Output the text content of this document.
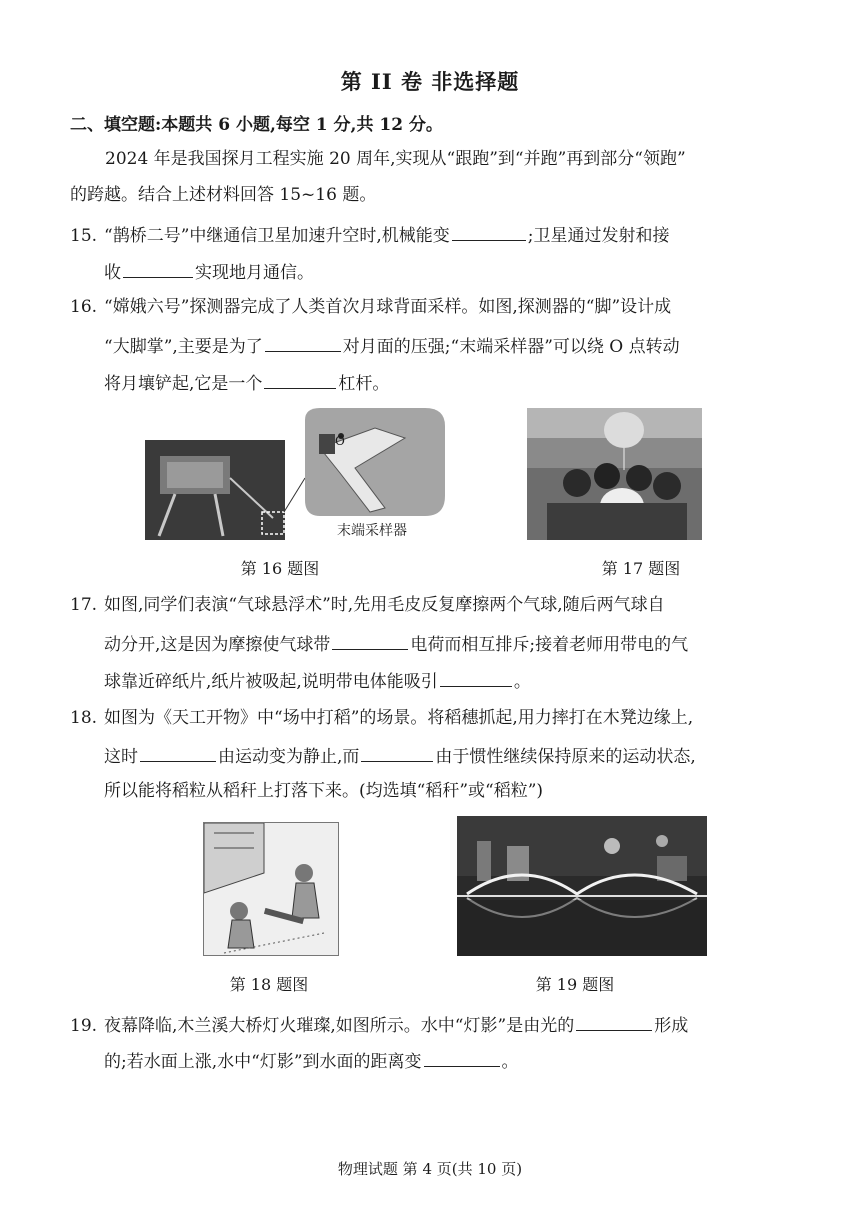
第 II 卷 非选择题
二、填空题:本题共 6 小题,每空 1 分,共 12 分。
2024 年是我国探月工程实施 20 周年,实现从“跟跑”到“并跑”再到部分“领跑”
的跨越。结合上述材料回答 15~16 题。
15. “鹊桥二号”中继通信卫星加速升空时,机械能变	;卫星通过发射和接
收	实现地月通信。
16. “嫦娥六号”探测器完成了人类首次月球背面采样。如图,探测器的“脚”设计成
“大脚掌”,主要是为了	对月面的压强;“末端采样器”可以绕 O 点转动
将月壤铲起,它是一个	杠杆。
O
末端采样器
第 16 题图	第 17 题图
17. 如图,同学们表演“气球悬浮术”时,先用毛皮反复摩擦两个气球,随后两气球自
动分开,这是因为摩擦使气球带	电荷而相互排斥;接着老师用带电的气
球靠近碎纸片,纸片被吸起,说明带电体能吸引	。
18. 如图为《天工开物》中“场中打稻”的场景。将稻穗抓起,用力摔打在木凳边缘上,
这时	由运动变为静止,而	由于惯性继续保持原来的运动状态,
所以能将稻粒从稻秆上打落下来。(均选填“稻秆”或“稻粒”)
第 18 题图	第 19 题图
19. 夜幕降临,木兰溪大桥灯火璀璨,如图所示。水中“灯影”是由光的	形成
的;若水面上涨,水中“灯影”到水面的距离变	。
物理试题 第 4 页(共 10 页)
